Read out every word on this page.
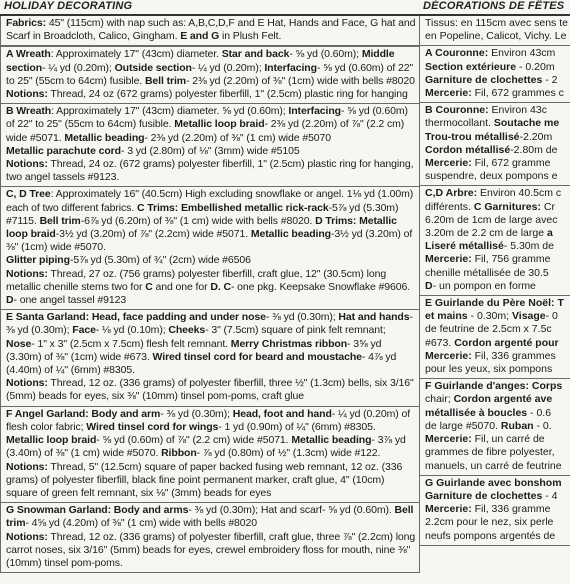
HOLIDAY DECORATING

Fabrics: 45" (115cm) with nap such as: A,B,C,D,F and E Hat, Hands and Face, G hat and Scarf in Broadcloth, Calico, Gingham. E and G in Plush Felt.

A Wreath: Approximately 17" (43cm) diameter. Star and back- ⅝ yd (0.60m); Middle section- ¼ yd (0.20m); Outside section- ¼ yd (0.20m); Interfacing- ⅝ yd (0.60m) of 22" to 25" (55cm to 64cm) fusible. Bell trim- 2⅜ yd (2.20m) of ⅜" (1cm) wide with bells #8020

Notions: Thread, 24 oz (672 grams) polyester fiberfill, 1" (2.5cm) plastic ring for hanging

B Wreath: Approximately 17" (43cm) diameter. ⅝ yd (0.60m); Interfacing- ⅝ yd (0.60m) of 22" to 25" (55cm to 64cm) fusible. Metallic loop braid- 2⅜ yd (2.20m) of ⅞" (2.2 cm) wide #5071. Metallic beading- 2⅜ yd (2.20m) of ⅜" (1 cm) wide #5070

Metallic parachute cord- 3 yd (2.80m) of ⅛" (3mm) wide #5105

Notions: Thread, 24 oz. (672 grams) polyester fiberfill, 1" (2.5cm) plastic ring for hanging, two angel tassels #9123.

C, D Tree: Approximately 16" (40.5cm) High excluding snowflake or angel. 1⅛ yd (1.00m) each of two different fabrics. C Trims: Embellished metallic rick-rack-5⅞ yd (5.30m) #7115. Bell trim-6⅞ yd (6.20m) of ⅜" (1 cm) wide with bells #8020. D Trims: Metallic loop braid-3½ yd (3.20m) of ⅞" (2.2cm) wide #5071. Metallic beading-3½ yd (3.20m) of ⅜" (1cm) wide #5070.

Glitter piping-5⅞ yd (5.30m) of ¾" (2cm) wide #6506

Notions: Thread, 27 oz. (756 grams) polyester fiberfill, craft glue, 12" (30.5cm) long metallic chenille stems two for C and one for D. C- one pkg. Keepsake Snowflake #9606.

D- one angel tassel #9123

E Santa Garland: Head, face padding and under nose- ⅜ yd (0.30m); Hat and hands- ⅜ yd (0.30m); Face- ⅛ yd (0.10m); Cheeks- 3" (7.5cm) square of pink felt remnant; Nose- 1" x 3" (2.5cm x 7.5cm) flesh felt remnant. Merry Christmas ribbon- 3⅝ yd (3.30m) of ⅜" (1cm) wide #673. Wired tinsel cord for beard and moustache- 4⅞ yd (4.40m) of ¼" (6mm) #8305.

Notions: Thread, 12 oz. (336 grams) of polyester fiberfill, three ½" (1.3cm) bells, six 3/16" (5mm) beads for eyes, six ⅜" (10mm) tinsel pom-poms, craft glue

F Angel Garland: Body and arm- ⅜ yd (0.30m); Head, foot and hand- ¼ yd (0.20m) of flesh color fabric; Wired tinsel cord for wings- 1 yd (0.90m) of ¼" (6mm) #8305. Metallic loop braid- ⅝ yd (0.60m) of ⅞" (2.2 cm) wide #5071. Metallic beading- 3⅞ yd (3.40m) of ⅜" (1 cm) wide #5070. Ribbon- ⅞ yd (0.80m) of ½" (1.3cm) wide #122.

Notions: Thread, 5" (12.5cm) square of paper backed fusing web remnant, 12 oz. (336 grams) of polyester fiberfill, black fine point permanent marker, craft glue, 4" (10cm) square of green felt remnant, six ⅛" (3mm) beads for eyes

G Snowman Garland: Body and arms- ⅜ yd (0.30m); Hat and scarf- ⅝ yd (0.60m). Bell trim- 4⅝ yd (4.20m) of ⅜" (1 cm) wide with bells #8020

Notions: Thread, 12 oz. (336 grams) of polyester fiberfill, craft glue, three ⅞" (2.2cm) long carrot noses, six 3/16" (5mm) beads for eyes, crewel embroidery floss for mouth, nine ⅜" (10mm) tinsel pom-poms.

DÉCORATIONS DE FÊTES

Tissus: en 115cm avec sens te

en Popeline, Calicot, Vichy. Le

A Couronne: Environ 43cm

Section extérieure - 0.20m

Garniture de clochettes - 2

Mercerie: Fil, 672 grammes c

B Couronne: Environ 43c

thermocollant. Soutache me

Trou-trou métallisé-2.20m

Cordon métallisé-2.80m de

Mercerie: Fil, 672 gramme

suspendre, deux pompons e

C,D Arbre: Environ 40.5cm c

différents. C Garnitures: Cr

6.20m de 1cm de large avec

3.20m de 2.2 cm de large a

Liseré métallisé- 5.30m de

Mercerie: Fil, 756 gramme

chenille métallisée de 30.5

D- un pompon en forme

E Guirlande du Père Noël: T

et mains - 0.30m; Visage- 0

de feutrine de 2.5cm x 7.5c

#673. Cordon argenté pour

Mercerie: Fil, 336 grammes

pour les yeux, six pompons

F Guirlande d'anges: Corps

chair; Cordon argenté ave

métallisée à boucles - 0.6

de large #5070. Ruban - 0.

Mercerie: Fil, un carré de

grammes de fibre polyester,

manuels, un carré de feutrine

G Guirlande avec bonshom

Garniture de clochettes - 4

Mercerie: Fil, 336 gramme

2.2cm pour le nez, six perle

neufs pompons argentés de
